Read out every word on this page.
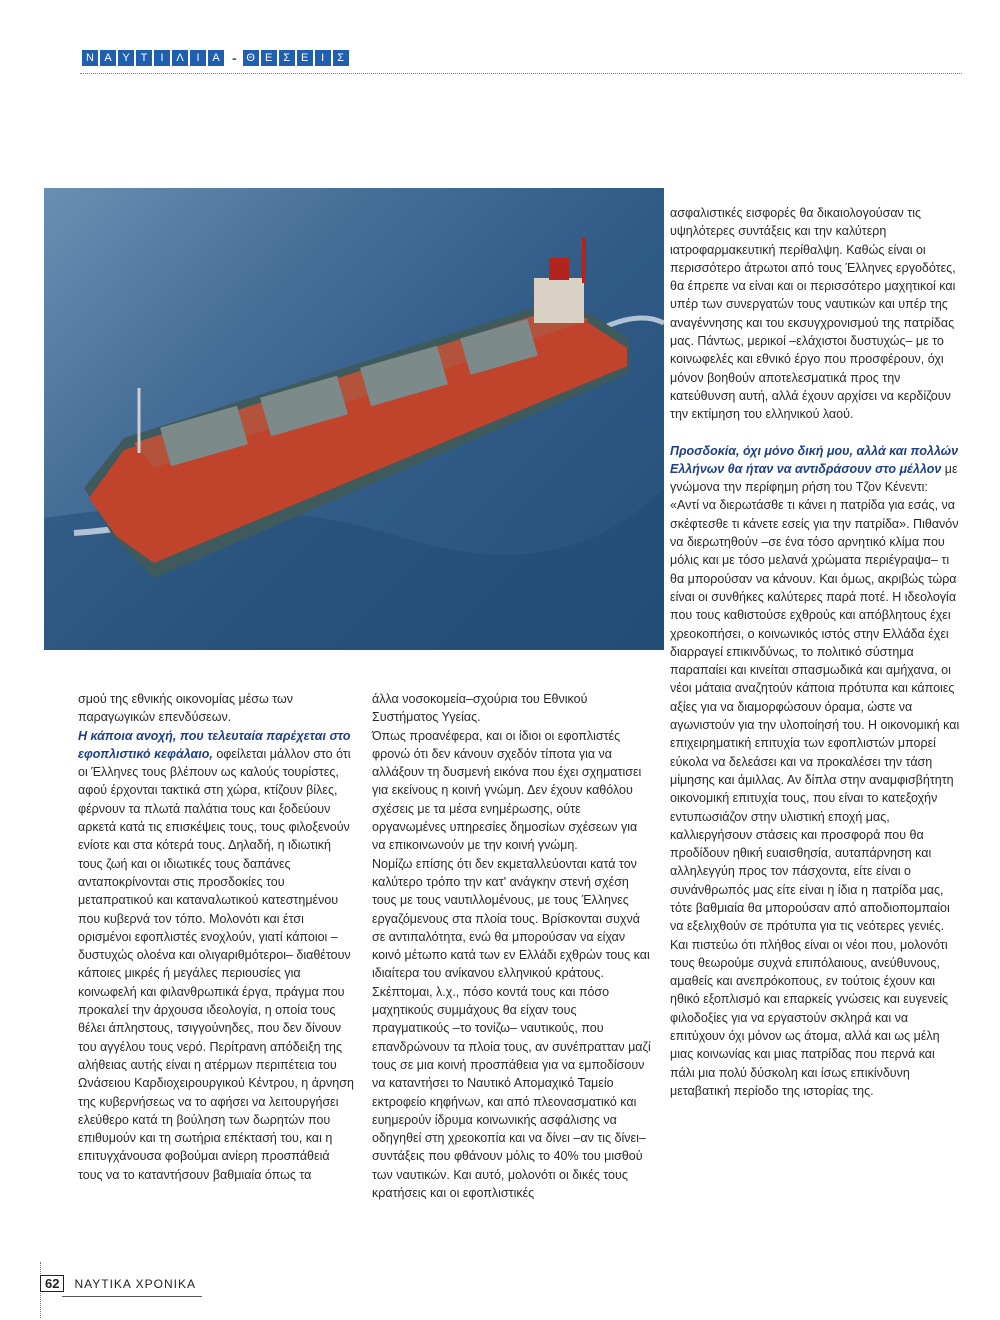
Ν Α Υ Τ	Ι	Λ	Ι	Α - Θ Ε Σ Ε	Ι	Σ

σμού της εθνικής οικονομίας μέσω των παραγωγικών επενδύσεων.

Η κάποια ανοχή, που τελευταία παρέχεται στο εφοπλιστικό κεφάλαιο, οφείλεται μάλλον στο ότι οι Έλληνες τους βλέπουν ως καλούς τουρίστες, αφού έρχονται τακτικά στη χώρα, κτίζουν βίλες, φέρνουν τα πλωτά παλάτια τους και ξοδεύουν αρκετά κατά τις επισκέψεις τους, τους φιλοξενούν ενίοτε και στα κότερά τους. Δηλαδή, η ιδιωτική τους ζωή και οι ιδιωτικές τους δαπάνες ανταποκρίνονται στις προσδοκίες του μεταπρατικού και καταναλωτικού κατεστημένου που κυβερνά τον τόπο. Μολονότι και έτσι ορισμένοι εφοπλιστές ενοχλούν, γιατί κάποιοι –δυστυχώς ολοένα και ολιγαριθμότεροι– διαθέτουν κάποιες μικρές ή μεγάλες περιουσίες για κοινωφελή και φιλανθρωπικά έργα, πράγμα που προκαλεί την άρχουσα ιδεολογία, η οποία τους θέλει άπληστους, τσιγγούνηδες, που δεν δίνουν του αγγέλου τους νερό. Περίτρανη απόδειξη της αλήθειας αυτής είναι η ατέρμων περιπέτεια του Ωνάσειου Καρδιοχειρουργικού Κέντρου, η άρνηση της κυβερνήσεως να το αφήσει να λειτουργήσει ελεύθερο κατά τη βούληση των δωρητών που επιθυμούν και τη σωτήρια επέκτασή του, και η επιτυγχάνουσα φοβούμαι ανίερη προσπάθειά τους να το καταντήσουν βαθμιαία όπως τα

άλλα νοσοκομεία–σχούρια του Εθνικού Συστήματος Υγείας.

Όπως προανέφερα, και οι ίδιοι οι εφοπλιστές φρονώ ότι δεν κάνουν σχεδόν τίποτα για να αλλάξουν τη δυσμενή εικόνα που έχει σχηματισει για εκείνους η κοινή γνώμη. Δεν έχουν καθόλου σχέσεις με τα μέσα ενημέρωσης, ούτε οργανωμένες υπηρεσίες δημοσίων σχέσεων για να επικοινωνούν με την κοινή γνώμη.

Νομίζω επίσης ότι δεν εκμεταλλεύονται κατά τον καλύτερο τρόπο την κατ' ανάγκην στενή σχέση τους με τους ναυτιλλομένους, με τους Έλληνες εργαζόμενους στα πλοία τους. Βρίσκονται συχνά σε αντιπαλότητα, ενώ θα μπορούσαν να είχαν κοινό μέτωπο κατά των εν Ελλάδι εχθρών τους και ιδιαίτερα του ανίκανου ελληνικού κράτους. Σκέπτομαι, λ.χ., πόσο κοντά τους και πόσο μαχητικούς συμμάχους θα είχαν τους πραγματικούς –το τονίζω– ναυτικούς, που επανδρώνουν τα πλοία τους, αν συνέπρατταν μαζί τους σε μια κοινή προσπάθεια για να εμποδίσουν να καταντήσει το Ναυτικό Απομαχικό Ταμείο εκτροφείο κηφήνων, και από πλεονασματικό και ευημερούν ίδρυμα κοινωνικής ασφάλισης να οδηγηθεί στη χρεοκοπία και να δίνει –αν τις δίνει– συντάξεις που φθάνουν μόλις το 40% του μισθού των ναυτικών. Και αυτό, μολονότι οι δικές τους κρατήσεις και οι εφοπλιστικές

ασφαλιστικές εισφορές θα δικαιολογούσαν τις υψηλότερες συντάξεις και την καλύτερη ιατροφαρμακευτική περίθαλψη. Καθώς είναι οι περισσότερο άτρωτοι από τους Έλληνες εργοδότες, θα έπρεπε να είναι και οι περισσότερο μαχητικοί και υπέρ των συνεργατών τους ναυτικών και υπέρ της αναγέννησης και του εκσυγχρονισμού της πατρίδας μας. Πάντως, μερικοί –ελάχιστοι δυστυχώς– με το κοινωφελές και εθνικό έργο που προσφέρουν, όχι μόνον βοηθούν αποτελεσματικά προς την κατεύθυνση αυτή, αλλά έχουν αρχίσει να κερδίζουν την εκτίμηση του ελληνικού λαού.

Προσδοκία, όχι μόνο δική μου, αλλά και πολλών Ελλήνων θα ήταν να αντιδράσουν στο μέλλον με γνώμονα την περίφημη ρήση του Τζον Κένεντι: «Αντί να διερωτάσθε τι κάνει η πατρίδα για εσάς, να σκέφτεσθε τι κάνετε εσείς για την πατρίδα». Πιθανόν να διερωτηθούν –σε ένα τόσο αρνητικό κλίμα που μόλις και με τόσο μελανά χρώματα περιέγραψα– τι θα μπορούσαν να κάνουν. Και όμως, ακριβώς τώρα είναι οι συνθήκες καλύτερες παρά ποτέ. Η ιδεολογία που τους καθιστούσε εχθρούς και απόβλητους έχει χρεοκοπήσει, ο κοινωνικός ιστός στην Ελλάδα έχει διαρραγεί επικινδύνως, το πολιτικό σύστημα παραπαίει και κινείται σπασμωδικά και αμήχανα, οι νέοι μάταια αναζητούν κάποια πρότυπα και κάποιες αξίες για να διαμορφώσουν όραμα, ώστε να αγωνιστούν για την υλοποίησή του. Η οικονομική και επιχειρηματική επιτυχία των εφοπλιστών μπορεί εύκολα να δελεάσει και να προκαλέσει την τάση μίμησης και άμιλλας. Αν δίπλα στην αναμφισβήτητη οικονομική επιτυχία τους, που είναι το κατεξοχήν εντυπωσιάζον στην υλιστική εποχή μας, καλλιεργήσουν στάσεις και προσφορά που θα προδίδουν ηθική ευαισθησία, αυταπάρνηση και αλληλεγγύη προς τον πάσχοντα, είτε είναι ο συνάνθρωπός μας είτε είναι η ίδια η πατρίδα μας, τότε βαθμιαία θα μπορούσαν από αποδιοπομπαίοι να εξελιχθούν σε πρότυπα για τις νεότερες γενιές.

Και πιστεύω ότι πλήθος είναι οι νέοι που, μολονότι τους θεωρούμε συχνά επιπόλαιους, ανεύθυνους, αμαθείς και ανεπρόκοπους, εν τούτοις έχουν και ηθικό εξοπλισμό και επαρκείς γνώσεις και ευγενείς φιλοδοξίες για να εργαστούν σκληρά και να επιτύχουν όχι μόνον ως άτομα, αλλά και ως μέλη μιας κοινωνίας και μιας πατρίδας που περνά και πάλι μια πολύ δύσκολη και ίσως επικίνδυνη μεταβατική περίοδο της ιστορίας της.

62	ΝΑΥΤΙΚΑ ΧΡΟΝΙΚΑ
